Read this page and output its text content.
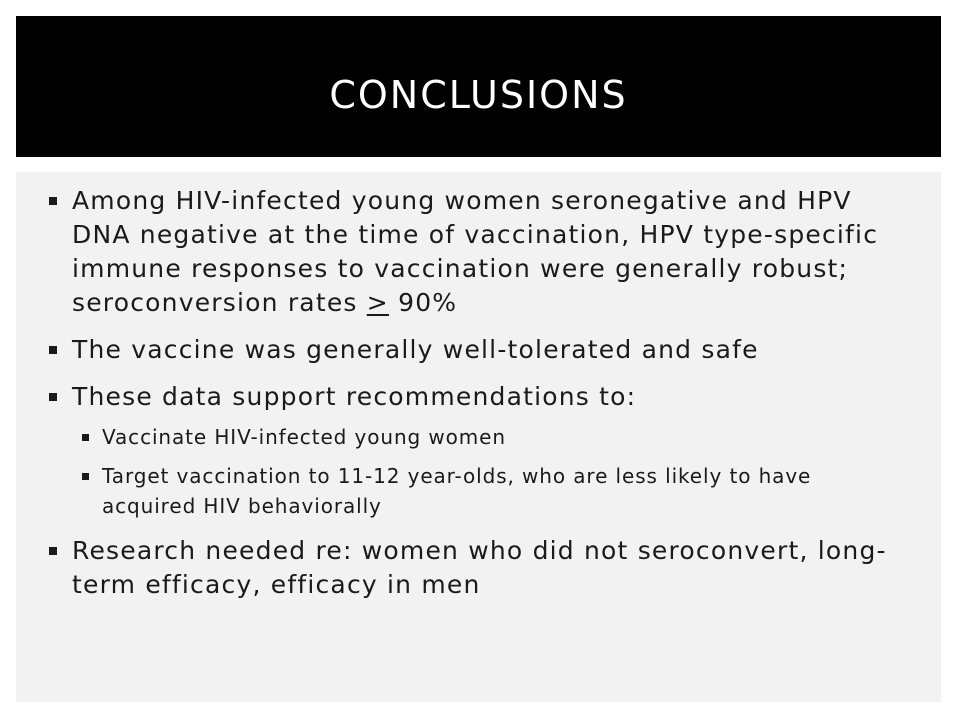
CONCLUSIONS
Among HIV-infected young women seronegative and HPV DNA negative at the time of vaccination, HPV type-specific immune responses to vaccination were generally robust; seroconversion rates ≥ 90%
The vaccine was generally well-tolerated and safe
These data support recommendations to:
Vaccinate HIV-infected young women
Target vaccination to 11-12 year-olds, who are less likely to have acquired HIV behaviorally
Research needed re: women who did not seroconvert, long-term efficacy, efficacy in men
